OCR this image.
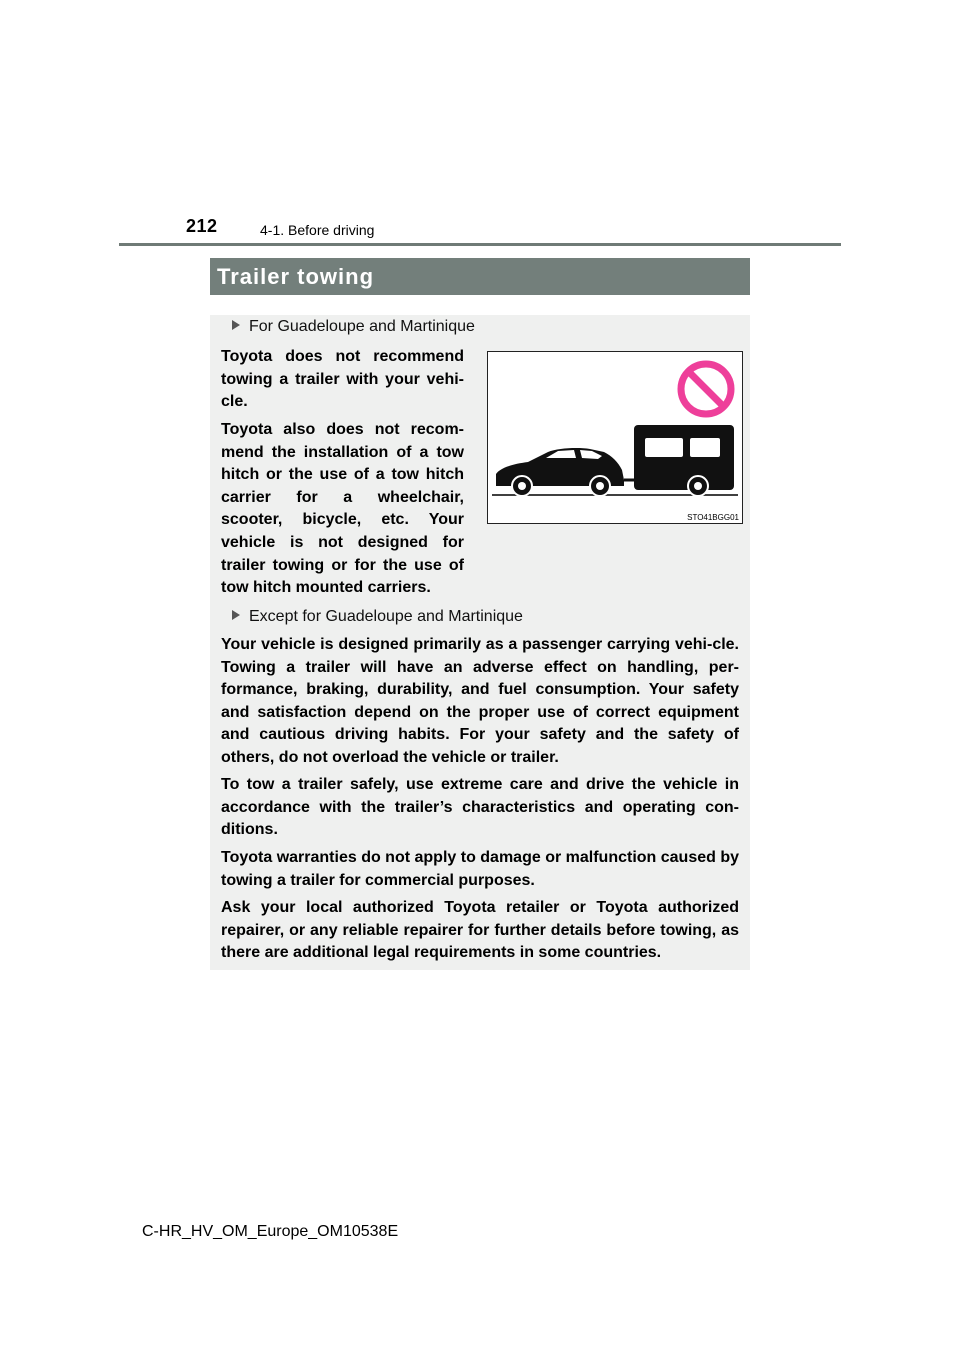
212	4-1. Before driving
Trailer towing
For Guadeloupe and Martinique

Toyota does not recommend towing a trailer with your vehi-cle.

Toyota also does not recom-mend the installation of a tow hitch or the use of a tow hitch carrier for a wheelchair, scooter, bicycle, etc. Your vehicle is not designed for trailer towing or for the use of tow hitch mounted carriers.

STO41BGG01
Except for Guadeloupe and Martinique

Your vehicle is designed primarily as a passenger carrying vehi-cle. Towing a trailer will have an adverse effect on handling, per-formance, braking, durability, and fuel consumption. Your safety and satisfaction depend on the proper use of correct equipment and cautious driving habits. For your safety and the safety of others, do not overload the vehicle or trailer.

To tow a trailer safely, use extreme care and drive the vehicle in accordance with the trailer’s characteristics and operating con-ditions.

Toyota warranties do not apply to damage or malfunction caused by towing a trailer for commercial purposes.

Ask your local authorized Toyota retailer or Toyota authorized repairer, or any reliable repairer for further details before towing, as there are additional legal requirements in some countries.

C-HR_HV_OM_Europe_OM10538E
